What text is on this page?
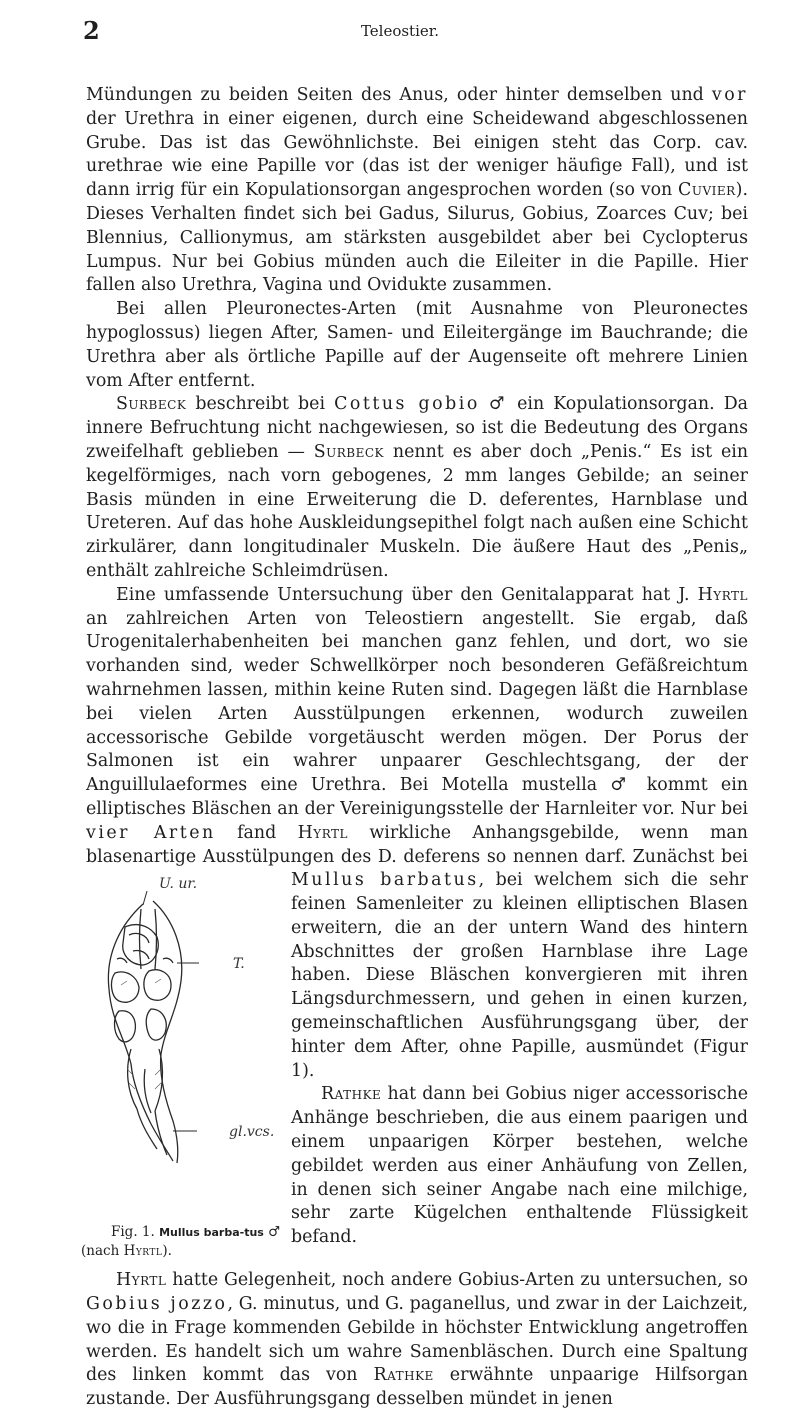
2	Teleostier.

Mündungen zu beiden Seiten des Anus, oder hinter demselben und vor der Urethra in einer eigenen, durch eine Scheidewand abgeschlossenen Grube. Das ist das Gewöhnlichste. Bei einigen steht das Corp. cav. urethrae wie eine Papille vor (das ist der weniger häufige Fall), und ist dann irrig für ein Kopulationsorgan angesprochen worden (so von Cuvier). Dieses Verhalten findet sich bei Gadus, Silurus, Gobius, Zoarces Cuv; bei Blennius, Callionymus, am stärksten ausgebildet aber bei Cyclopterus Lumpus. Nur bei Gobius münden auch die Eileiter in die Papille. Hier fallen also Urethra, Vagina und Ovidukte zusammen.

Bei allen Pleuronectes-Arten (mit Ausnahme von Pleuronectes hypoglossus) liegen After, Samen- und Eileitergänge im Bauchrande; die Urethra aber als örtliche Papille auf der Augenseite oft mehrere Linien vom After entfernt.

Surbeck beschreibt bei Cottus gobio ♂ ein Kopulationsorgan. Da innere Befruchtung nicht nachgewiesen, so ist die Bedeutung des Organs zweifelhaft geblieben — Surbeck nennt es aber doch „Penis.“ Es ist ein kegelförmiges, nach vorn gebogenes, 2 mm langes Gebilde; an seiner Basis münden in eine Erweiterung die D. deferentes, Harnblase und Ureteren. Auf das hohe Auskleidungsepithel folgt nach außen eine Schicht zirkulärer, dann longitudinaler Muskeln. Die äußere Haut des „Penis„ enthält zahlreiche Schleimdrüsen.

Eine umfassende Untersuchung über den Genitalapparat hat J. Hyrtl an zahlreichen Arten von Teleostiern angestellt. Sie ergab, daß Urogenitalerhabenheiten bei manchen ganz fehlen, und dort, wo sie vorhanden sind, weder Schwellkörper noch besonderen Gefäßreichtum wahrnehmen lassen, mithin keine Ruten sind. Dagegen läßt die Harnblase bei vielen Arten Ausstülpungen erkennen, wodurch zuweilen accessorische Gebilde vorgetäuscht werden mögen. Der Porus der Salmonen ist ein wahrer unpaarer Geschlechtsgang, der der Anguillulaeformes eine Urethra. Bei Motella mustella ♂ kommt ein elliptisches Bläschen an der Vereinigungsstelle der Harnleiter vor. Nur bei vier Arten fand Hyrtl wirkliche Anhangsgebilde, wenn man blasenartige Ausstülpungen des D. deferens so nennen darf. Zunächst bei
U. ur.
T.
gl.vcs.
Fig. 1. Mullus barba-tus ♂ (nach Hyrtl).
Mullus barbatus, bei welchem sich die sehr feinen Samenleiter zu kleinen elliptischen Blasen erweitern, die an der untern Wand des hintern Abschnittes der großen Harnblase ihre Lage haben. Diese Bläschen konvergieren mit ihren Längsdurchmessern, und gehen in einen kurzen, gemeinschaftlichen Ausführungsgang über, der hinter dem After, ohne Papille, ausmündet (Figur 1).

Rathke hat dann bei Gobius niger accessorische Anhänge beschrieben, die aus einem paarigen und einem unpaarigen Körper bestehen, welche gebildet werden aus einer Anhäufung von Zellen, in denen sich seiner Angabe nach eine milchige, sehr zarte Kügelchen enthaltende Flüssigkeit befand.

Hyrtl hatte Gelegenheit, noch andere Gobius-Arten zu untersuchen, so Gobius jozzo, G. minutus, und G. paganellus, und zwar in der Laichzeit, wo die in Frage kommenden Gebilde in höchster Entwicklung angetroffen werden. Es handelt sich um wahre Samenbläschen. Durch eine Spaltung des linken kommt das von Rathke erwähnte unpaarige Hilfsorgan zustande. Der Ausführungsgang desselben mündet in jenen
